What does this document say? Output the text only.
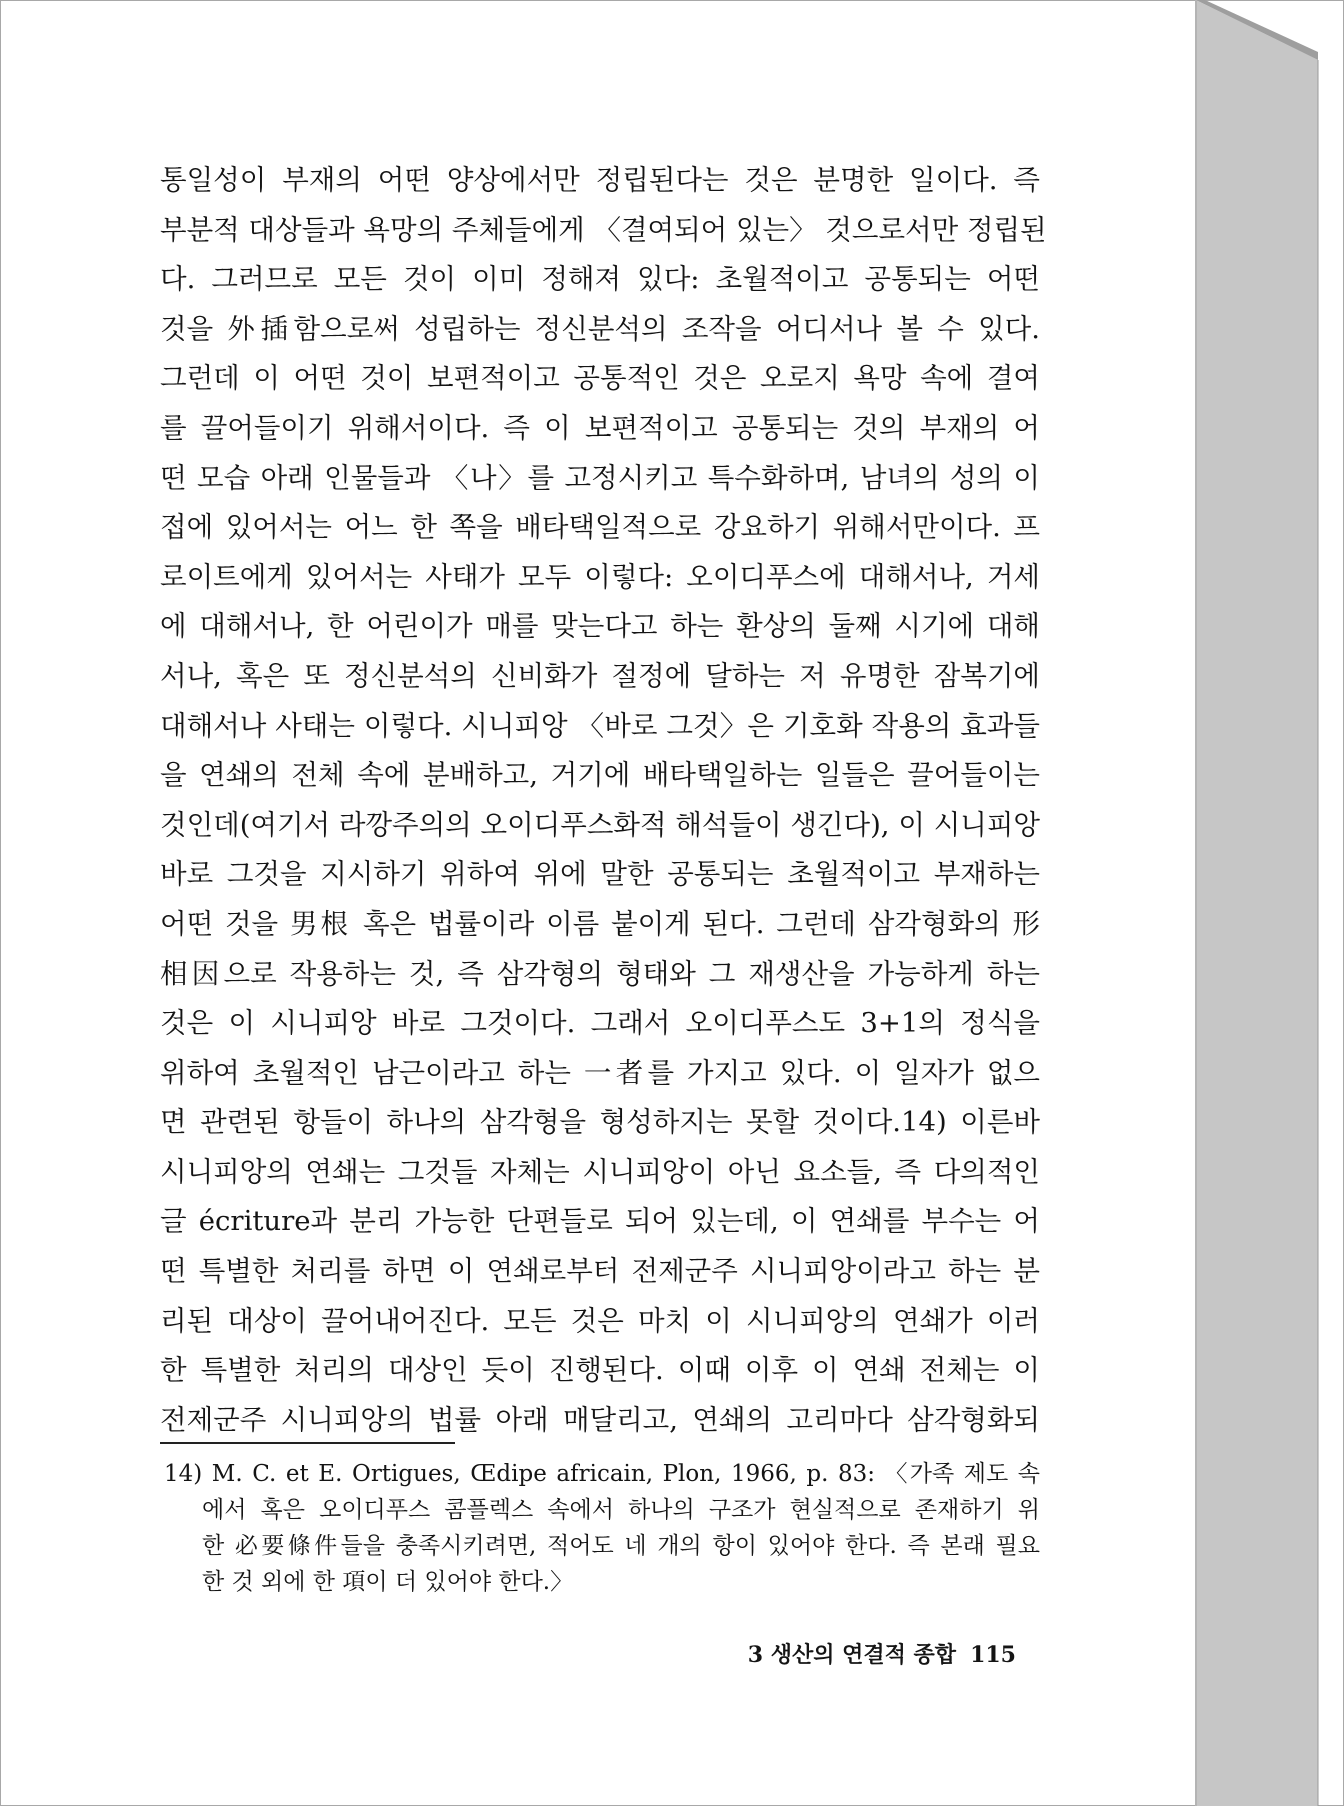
통일성이 부재의 어떤 양상에서만 정립된다는 것은 분명한 일이다. 즉
부분적 대상들과 욕망의 주체들에게 〈결여되어 있는〉 것으로서만 정립된
다. 그러므로 모든 것이 이미 정해져 있다: 초월적이고 공통되는 어떤
것을 外插함으로써 성립하는 정신분석의 조작을 어디서나 볼 수 있다.
그런데 이 어떤 것이 보편적이고 공통적인 것은 오로지 욕망 속에 결여
를 끌어들이기 위해서이다. 즉 이 보편적이고 공통되는 것의 부재의 어
떤 모습 아래 인물들과 〈나〉를 고정시키고 특수화하며, 남녀의 성의 이
접에 있어서는 어느 한 쪽을 배타택일적으로 강요하기 위해서만이다. 프
로이트에게 있어서는 사태가 모두 이렇다: 오이디푸스에 대해서나, 거세
에 대해서나, 한 어린이가 매를 맞는다고 하는 환상의 둘째 시기에 대해
서나, 혹은 또 정신분석의 신비화가 절정에 달하는 저 유명한 잠복기에
대해서나 사태는 이렇다. 시니피앙 〈바로 그것〉은 기호화 작용의 효과들
을 연쇄의 전체 속에 분배하고, 거기에 배타택일하는 일들은 끌어들이는
것인데(여기서 라깡주의의 오이디푸스화적 해석들이 생긴다), 이 시니피앙
바로 그것을 지시하기 위하여 위에 말한 공통되는 초월적이고 부재하는
어떤 것을 男根 혹은 법률이라 이름 붙이게 된다. 그런데 삼각형화의 形
相因으로 작용하는 것, 즉 삼각형의 형태와 그 재생산을 가능하게 하는
것은 이 시니피앙 바로 그것이다. 그래서 오이디푸스도 3+1의 정식을
위하여 초월적인 남근이라고 하는 一者를 가지고 있다. 이 일자가 없으
면 관련된 항들이 하나의 삼각형을 형성하지는 못할 것이다.14) 이른바
시니피앙의 연쇄는 그것들 자체는 시니피앙이 아닌 요소들, 즉 다의적인
글 écriture과 분리 가능한 단편들로 되어 있는데, 이 연쇄를 부수는 어
떤 특별한 처리를 하면 이 연쇄로부터 전제군주 시니피앙이라고 하는 분
리된 대상이 끌어내어진다. 모든 것은 마치 이 시니피앙의 연쇄가 이러
한 특별한 처리의 대상인 듯이 진행된다. 이때 이후 이 연쇄 전체는 이
전제군주 시니피앙의 법률 아래 매달리고, 연쇄의 고리마다 삼각형화되
14) M. C. et E. Ortigues, Œdipe africain, Plon, 1966, p. 83: 〈가족 제도 속
에서 혹은 오이디푸스 콤플렉스 속에서 하나의 구조가 현실적으로 존재하기 위
한 必要條件들을 충족시키려면, 적어도 네 개의 항이 있어야 한다. 즉 본래 필요
한 것 외에 한 項이 더 있어야 한다.〉
3 생산의 연결적 종합 115
